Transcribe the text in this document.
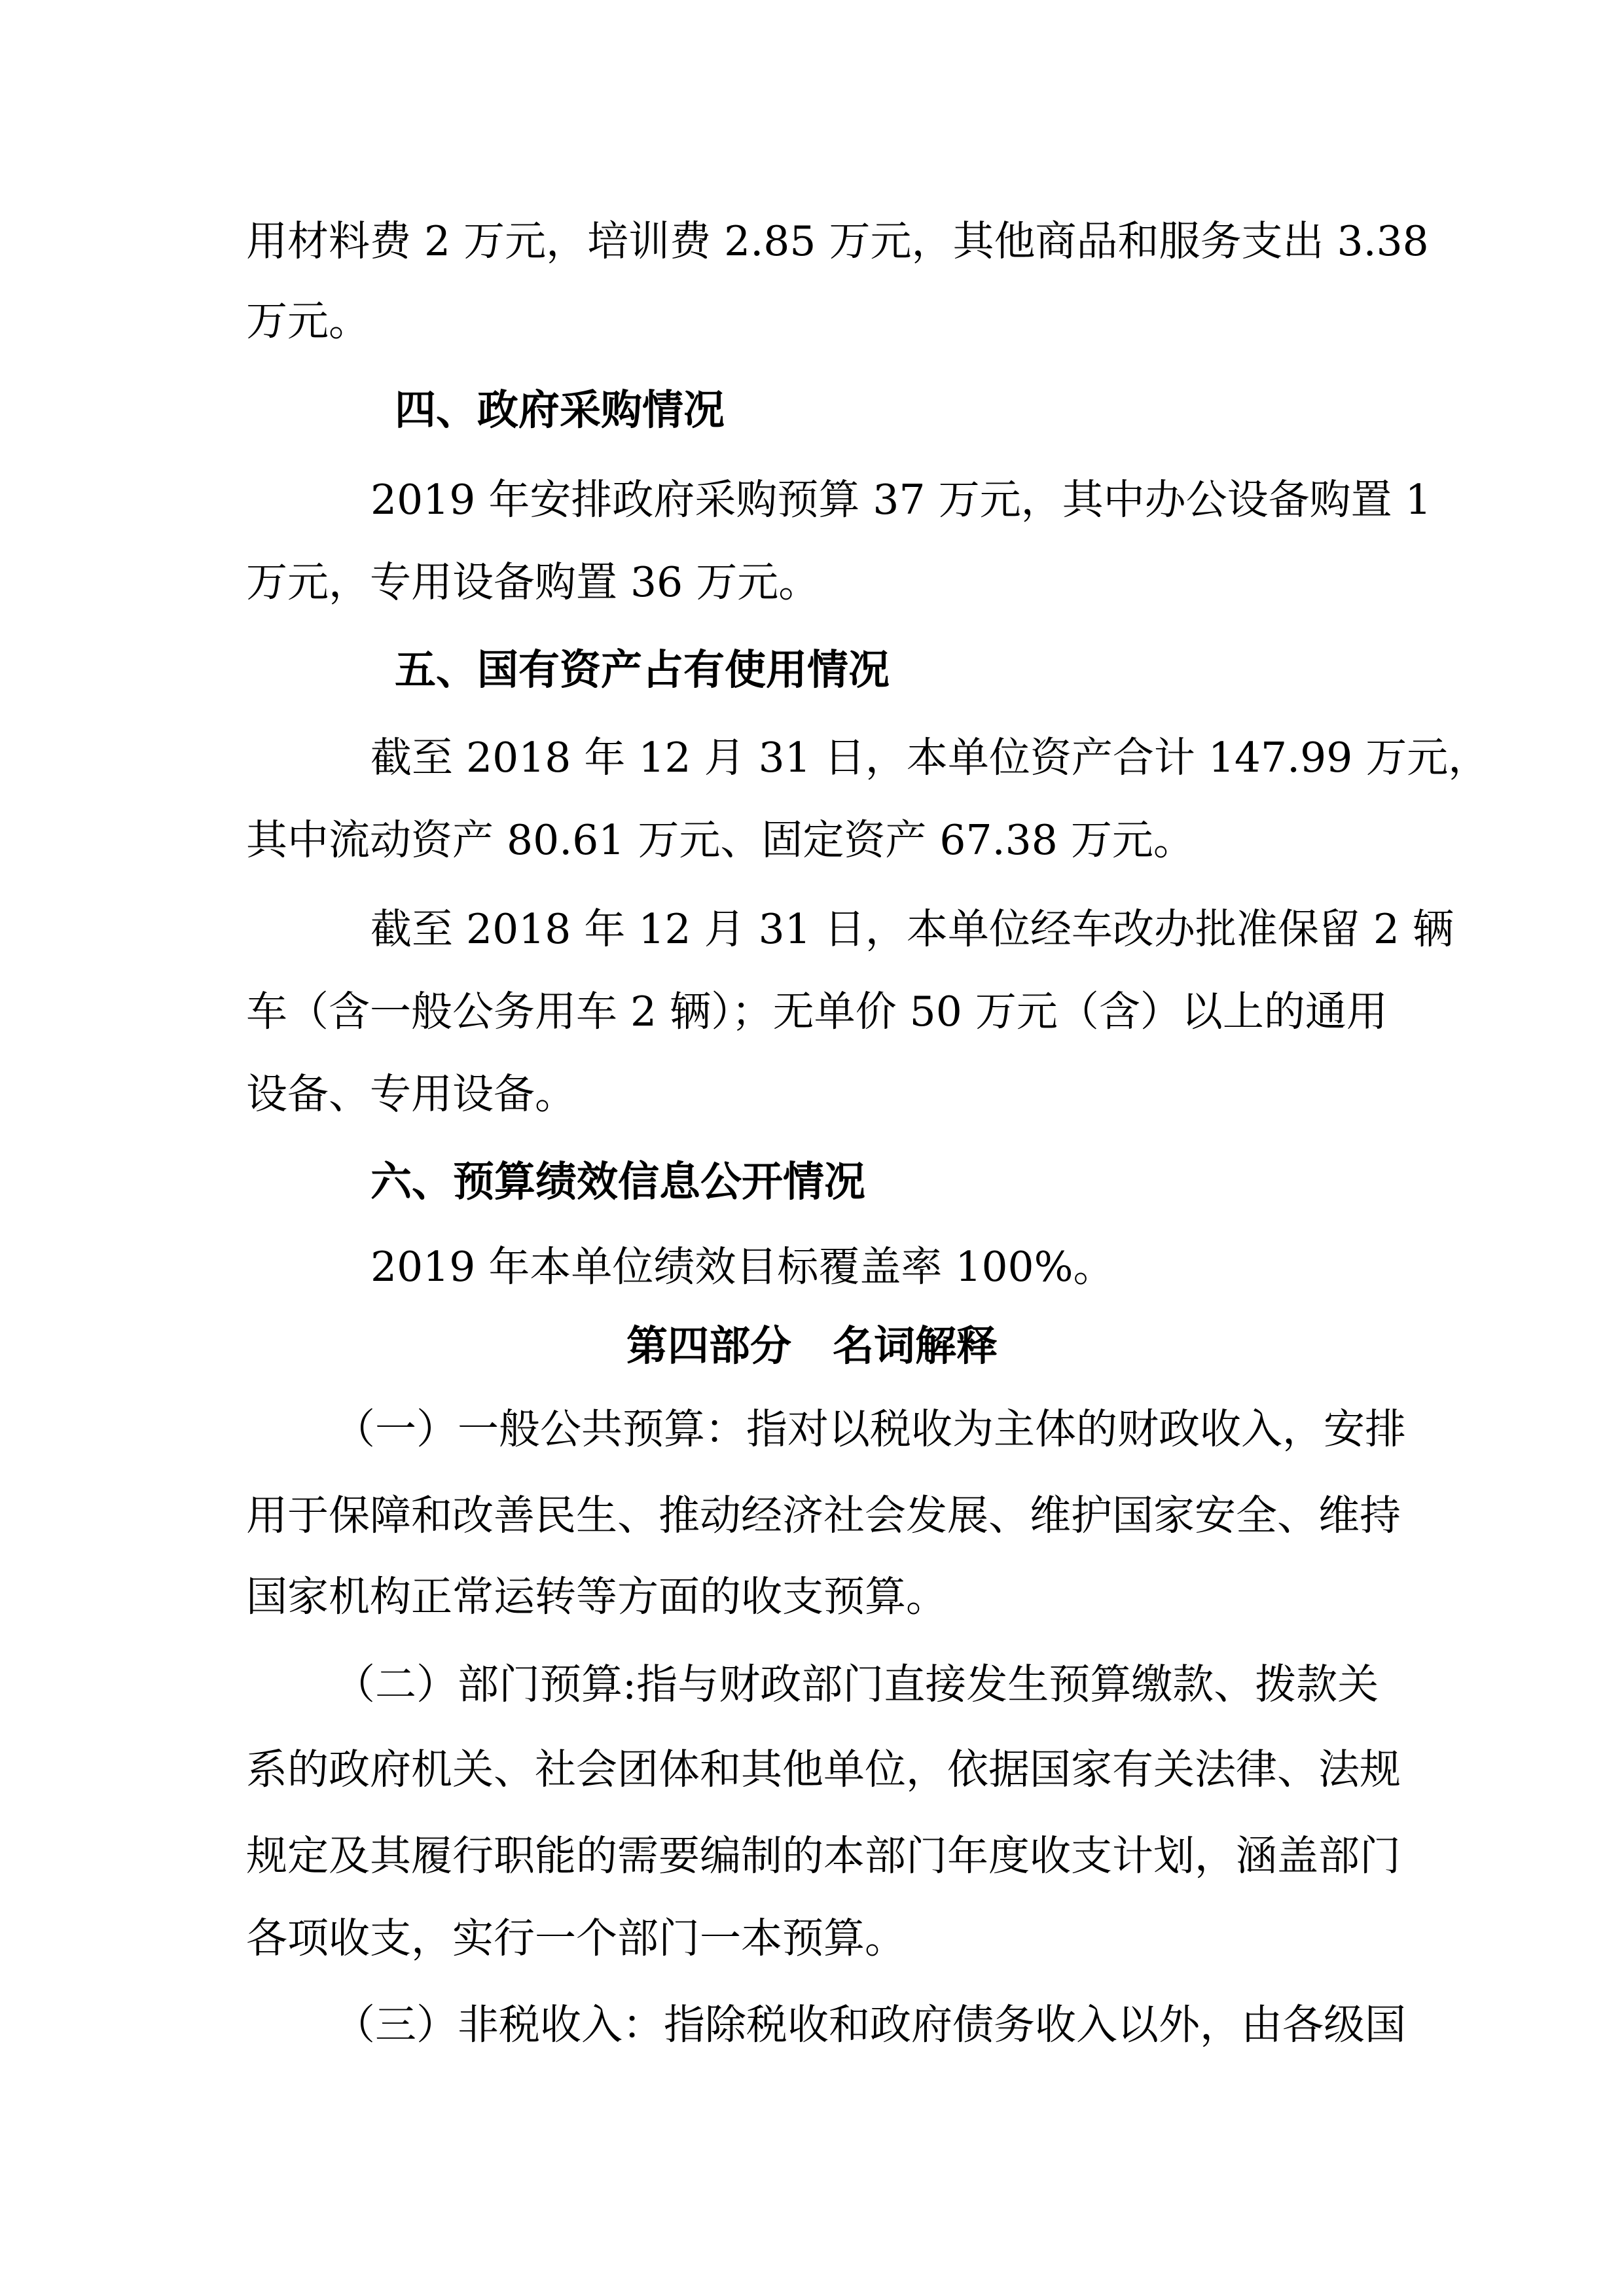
用材料费 2 万元，培训费 2.85 万元，其他商品和服务支出 3.38
万元。
四、政府采购情况
2019 年安排政府采购预算 37 万元，其中办公设备购置 1
万元，专用设备购置 36 万元。
五、国有资产占有使用情况
截至 2018 年 12 月 31 日，本单位资产合计 147.99 万元，
其中流动资产 80.61 万元、固定资产 67.38 万元。
截至 2018 年 12 月 31 日，本单位经车改办批准保留 2 辆
车（含一般公务用车 2 辆）；无单价 50 万元（含）以上的通用
设备、专用设备。
六、预算绩效信息公开情况
2019 年本单位绩效目标覆盖率 100%。
第四部分　名词解释
（一）一般公共预算：指对以税收为主体的财政收入，安排
用于保障和改善民生、推动经济社会发展、维护国家安全、维持
国家机构正常运转等方面的收支预算。
（二）部门预算:指与财政部门直接发生预算缴款、拨款关
系的政府机关、社会团体和其他单位，依据国家有关法律、法规
规定及其履行职能的需要编制的本部门年度收支计划，涵盖部门
各项收支，实行一个部门一本预算。
（三）非税收入：指除税收和政府债务收入以外，由各级国
